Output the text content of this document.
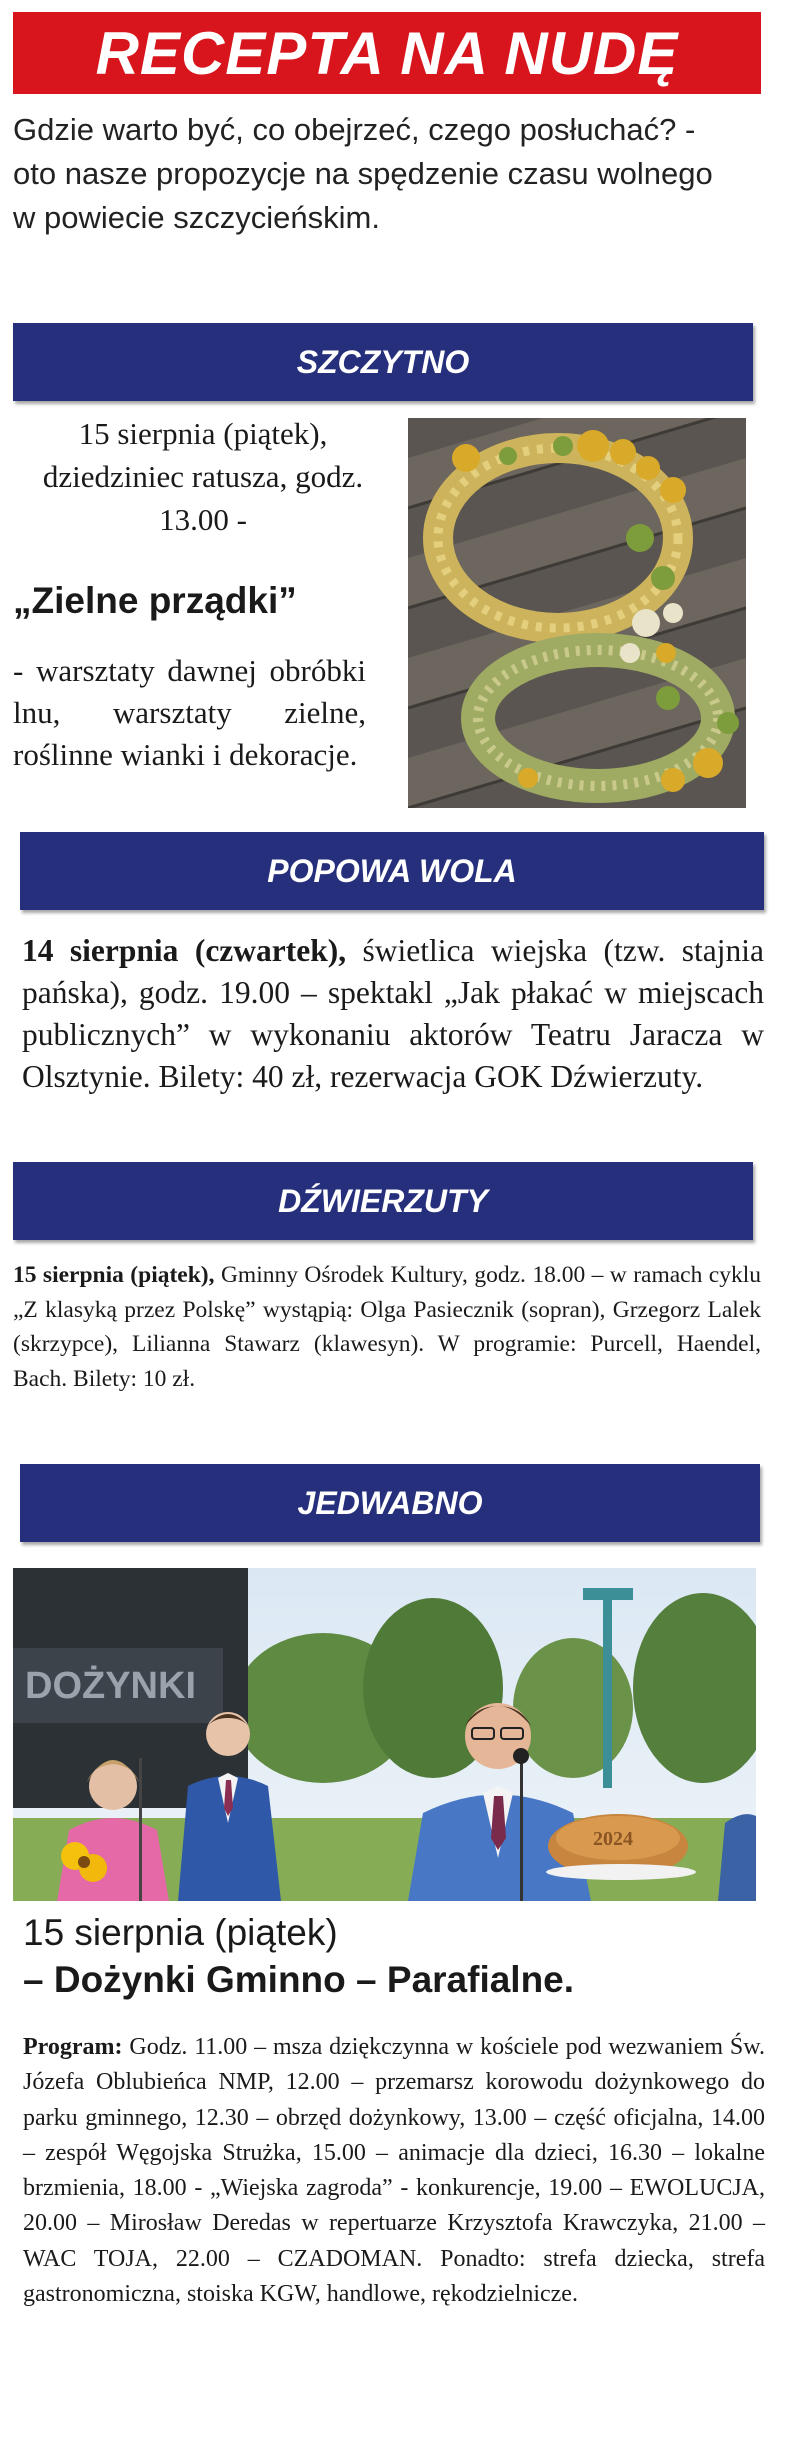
RECEPTA NA NUDĘ
Gdzie warto być, co obejrzeć, czego posłuchać? - oto nasze propozycje na spędzenie czasu wolnego w powiecie szczycieńskim.
SZCZYTNO
15 sierpnia (piątek), dziedziniec ratusza, godz. 13.00 -
„Zielne prządki”
- warsztaty dawnej obróbki lnu, warsztaty zielne, roślinne wianki i dekoracje.
POPOWA WOLA
14 sierpnia (czwartek), świetlica wiejska (tzw. stajnia pańska), godz. 19.00 – spektakl „Jak płakać w miejscach publicznych” w wykonaniu aktorów Teatru Jaracza w Olsztynie. Bilety: 40 zł, rezerwacja GOK Dźwierzuty.
DŹWIERZUTY
15 sierpnia (piątek), Gminny Ośrodek Kultury, godz. 18.00 – w ramach cyklu „Z klasyką przez Polskę” wystąpią: Olga Pasiecznik (sopran), Grzegorz Lalek (skrzypce), Lilianna Stawarz (klawesyn). W programie: Purcell, Haendel, Bach. Bilety: 10 zł.
JEDWABNO
DOŻYNKI
2024
15 sierpnia (piątek)
– Dożynki Gminno – Parafialne.
Program: Godz. 11.00 – msza dziękczynna w kościele pod wezwaniem Św. Józefa Oblubieńca NMP, 12.00 – przemarsz korowodu dożynkowego do parku gminnego, 12.30 – obrzęd dożynkowy, 13.00 – część oficjalna, 14.00 – zespół Węgojska Strużka, 15.00 – animacje dla dzieci, 16.30 – lokalne brzmienia, 18.00 - „Wiejska zagroda” - konkurencje, 19.00 – EWOLUCJA, 20.00 – Mirosław Deredas w repertuarze Krzysztofa Krawczyka, 21.00 – WAC TOJA, 22.00 – CZADOMAN. Ponadto: strefa dziecka, strefa gastronomiczna, stoiska KGW, handlowe, rękodzielnicze.
